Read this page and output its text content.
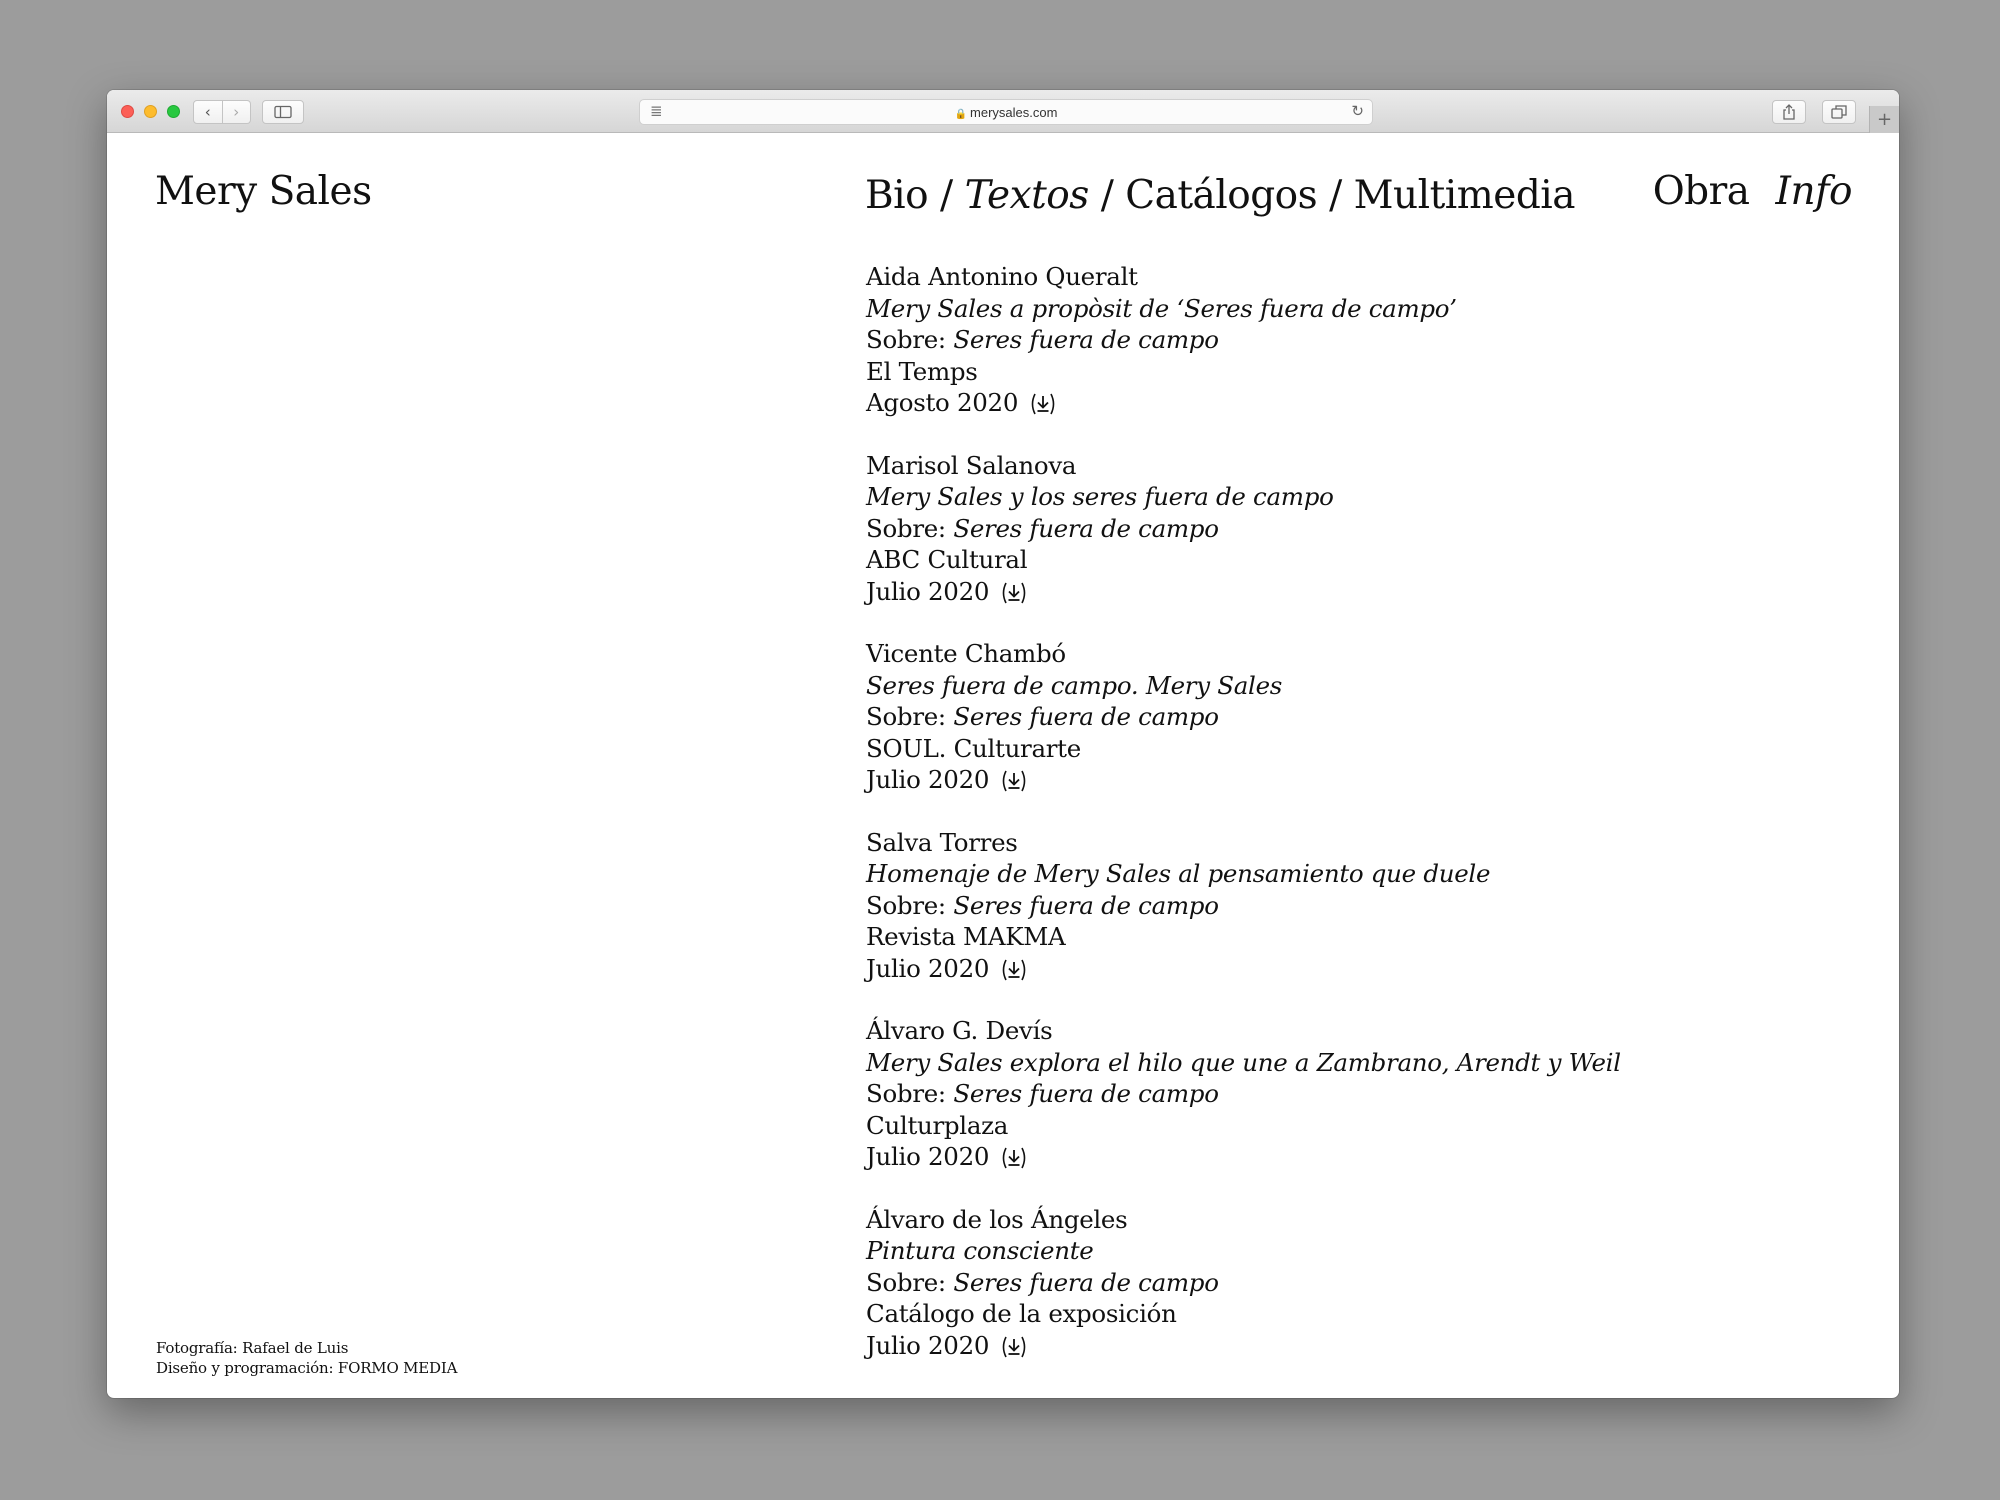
‹ ›	≣	🔒 merysales.com	↻	+
Mery Sales	Bio / Textos / Catálogos / Multimedia Obra Info
Aida Antonino Queralt
Mery Sales a propòsit de ‘Seres fuera de campo’
Sobre: Seres fuera de campo
El Temps
Agosto 2020
Marisol Salanova
Mery Sales y los seres fuera de campo
Sobre: Seres fuera de campo
ABC Cultural
Julio 2020
Vicente Chambó
Seres fuera de campo. Mery Sales
Sobre: Seres fuera de campo
SOUL. Culturarte
Julio 2020
Salva Torres
Homenaje de Mery Sales al pensamiento que duele
Sobre: Seres fuera de campo
Revista MAKMA
Julio 2020
Álvaro G. Devís
Mery Sales explora el hilo que une a Zambrano, Arendt y Weil
Sobre: Seres fuera de campo
Culturplaza
Julio 2020
Álvaro de los Ángeles
Pintura consciente
Sobre: Seres fuera de campo
Catálogo de la exposición
Julio 2020
Fotografía: Rafael de Luis
Diseño y programación: FORMO MEDIA
